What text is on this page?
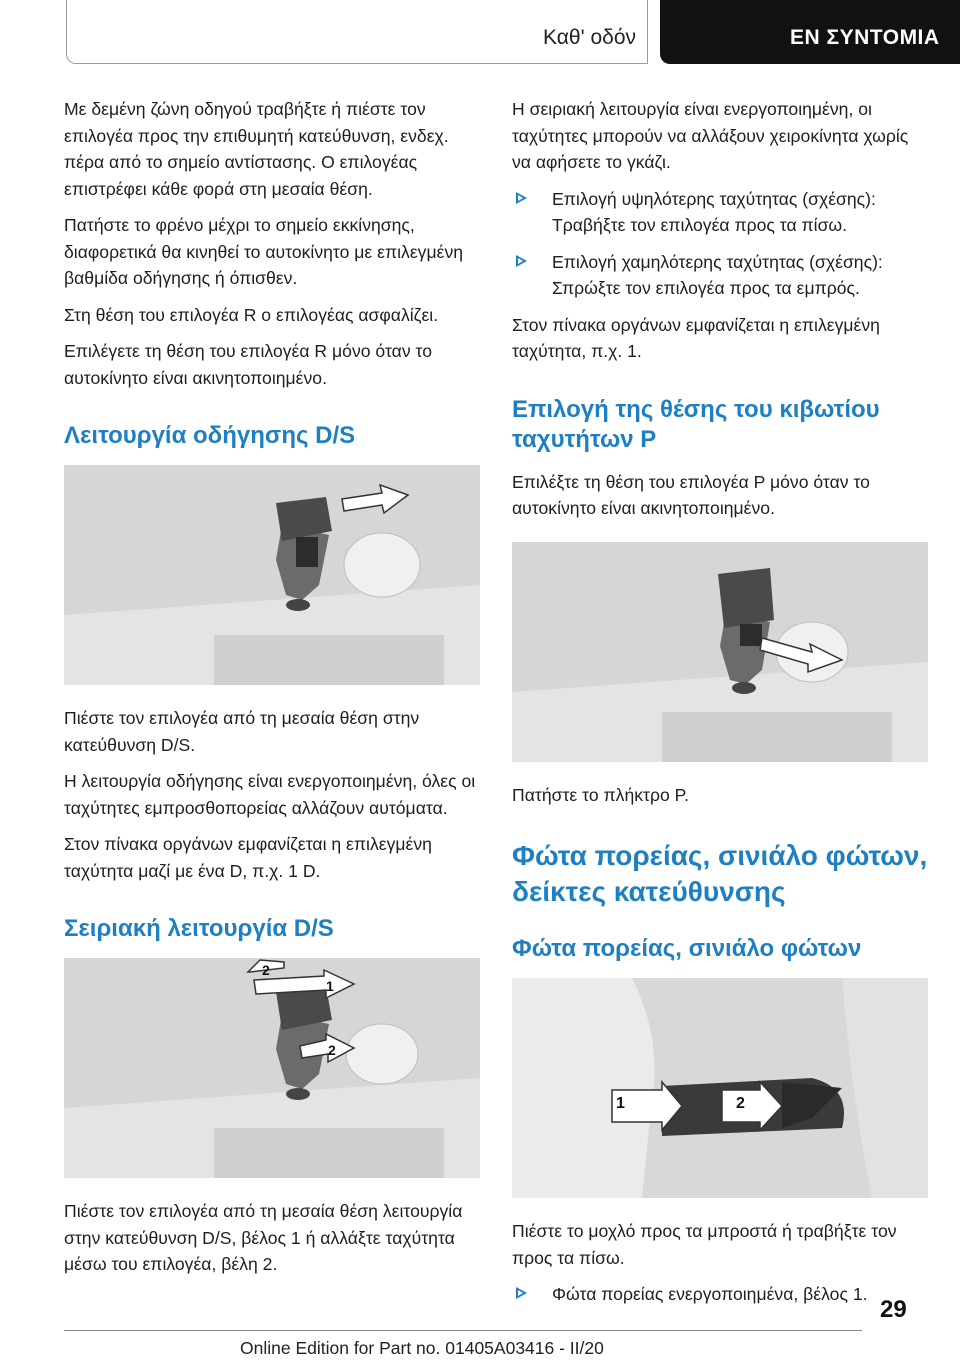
Καθ' οδόν	ΕΝ ΣΥΝΤΟΜΙΑ

Με δεμένη ζώνη οδηγού τραβήξτε ή πιέστε τον επιλογέα προς την επιθυμητή κατεύθυνση, ενδεχ. πέρα από το σημείο αντίστασης. Ο επιλογέας επιστρέφει κάθε φορά στη μεσαία θέση.

Πατήστε το φρένο μέχρι το σημείο εκκίνησης, διαφορετικά θα κινηθεί το αυτοκίνητο με επιλεγμένη βαθμίδα οδήγησης ή όπισθεν.

Στη θέση του επιλογέα R ο επιλογέας ασφαλίζει.

Επιλέγετε τη θέση του επιλογέα R μόνο όταν το αυτοκίνητο είναι ακινητοποιημένο.

Λειτουργία οδήγησης D/S

Πιέστε τον επιλογέα από τη μεσαία θέση στην κατεύθυνση D/S.

Η λειτουργία οδήγησης είναι ενεργοποιημένη, όλες οι ταχύτητες εμπροσθοπορείας αλλάζουν αυτόματα.

Στον πίνακα οργάνων εμφανίζεται η επιλεγμένη ταχύτητα μαζί με ένα D, π.χ. 1 D.

Σειριακή λειτουργία D/S
2
1
2

Πιέστε τον επιλογέα από τη μεσαία θέση λειτουργία στην κατεύθυνση D/S, βέλος 1 ή αλλάξτε ταχύτητα μέσω του επιλογέα, βέλη 2.

Η σειριακή λειτουργία είναι ενεργοποιημένη, οι ταχύτητες μπορούν να αλλάξουν χειροκίνητα χωρίς να αφήσετε το γκάζι.

Επιλογή υψηλότερης ταχύτητας (σχέσης): Τραβήξτε τον επιλογέα προς τα πίσω.
Επιλογή χαμηλότερης ταχύτητας (σχέσης): Σπρώξτε τον επιλογέα προς τα εμπρός.

Στον πίνακα οργάνων εμφανίζεται η επιλεγμένη ταχύτητα, π.χ. 1.

Επιλογή της θέσης του κιβωτίου ταχυτήτων P

Επιλέξτε τη θέση του επιλογέα P μόνο όταν το αυτοκίνητο είναι ακινητοποιημένο.

Πατήστε το πλήκτρο P.

Φώτα πορείας, σινιάλο φώτων, δείκτες κατεύθυνσης
Φώτα πορείας, σινιάλο φώτων
1	2

Πιέστε το μοχλό προς τα μπροστά ή τραβήξτε τον προς τα πίσω.

Φώτα πορείας ενεργοποιημένα, βέλος 1.
29
Online Edition for Part no. 01405A03416 - II/20
